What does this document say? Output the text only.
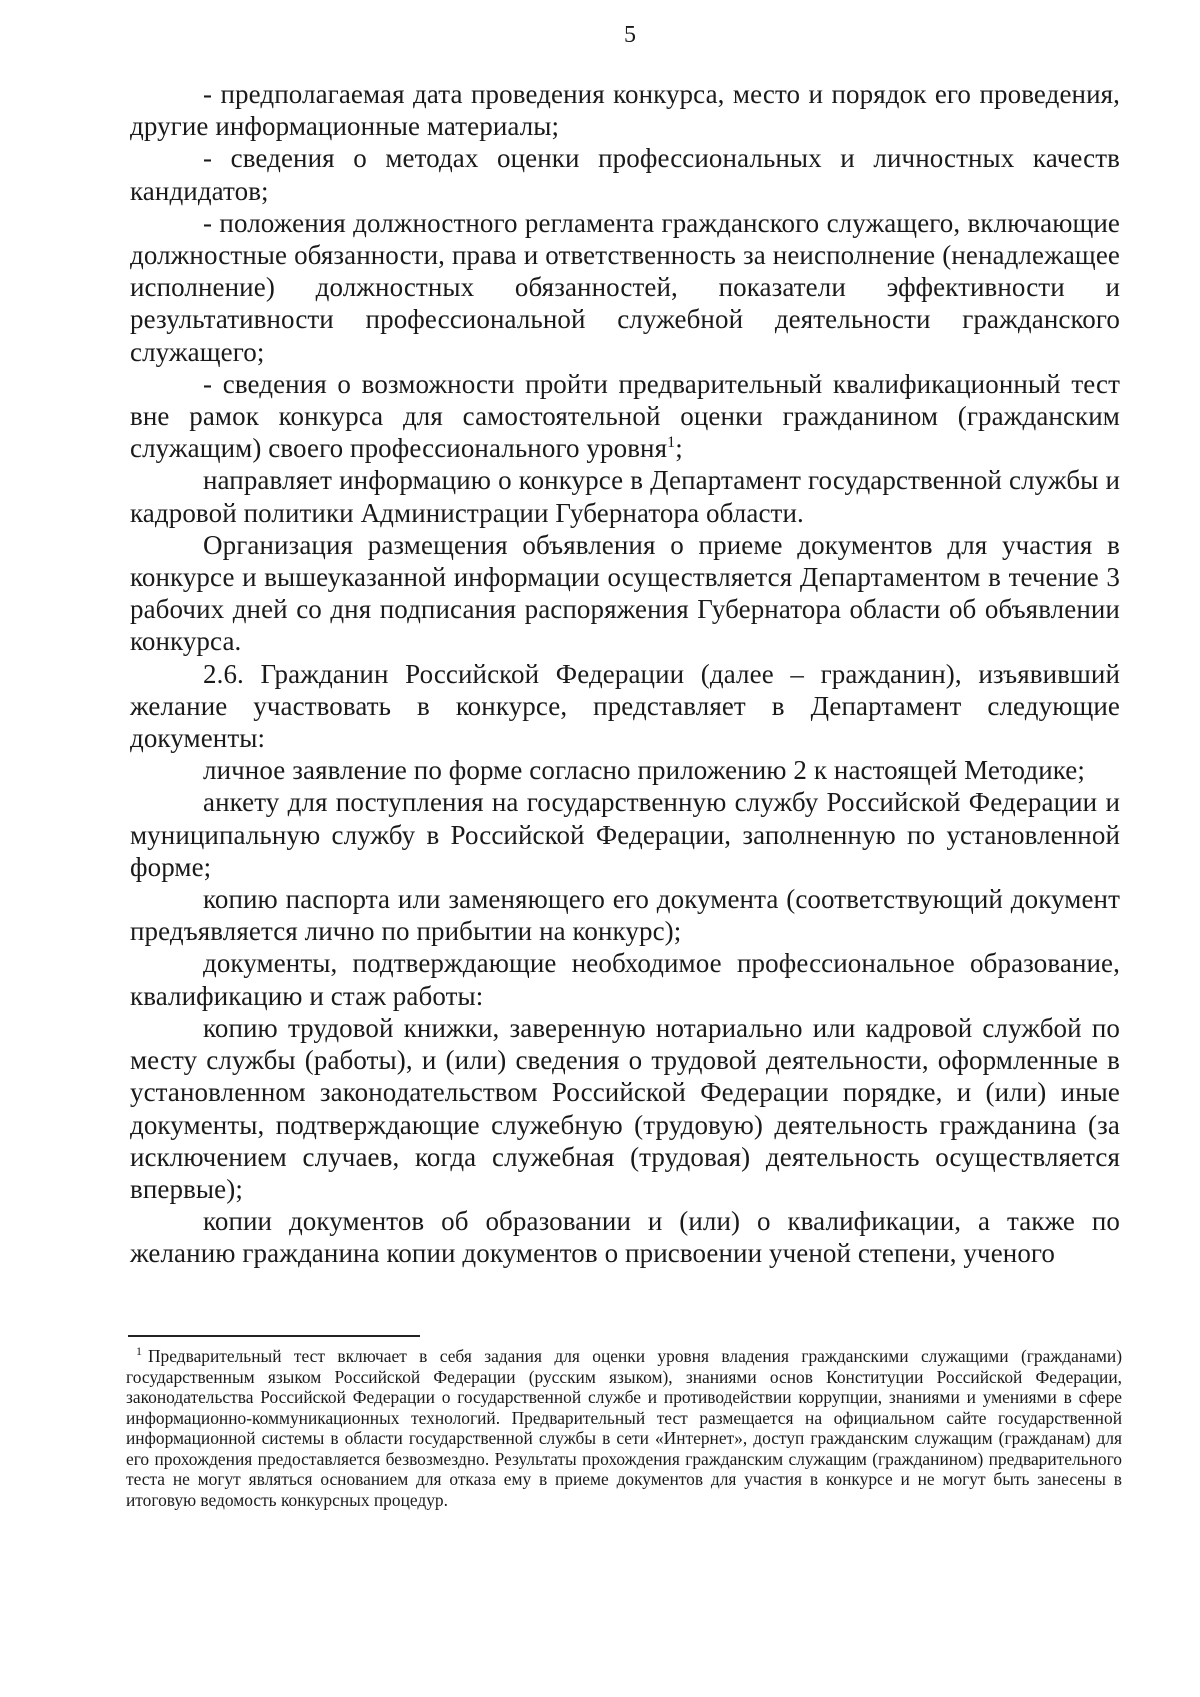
5

- предполагаемая дата проведения конкурса, место и порядок его проведения, другие информационные материалы;

- сведения о методах оценки профессиональных и личностных качеств кандидатов;

- положения должностного регламента гражданского служащего, включающие должностные обязанности, права и ответственность за неисполнение (ненадлежащее исполнение) должностных обязанностей, показатели эффективности и результативности профессиональной служебной деятельности гражданского служащего;

- сведения о возможности пройти предварительный квалификационный тест вне рамок конкурса для самостоятельной оценки гражданином (гражданским служащим) своего профессионального уровня$^1$;

направляет информацию о конкурсе в Департамент государственной службы и кадровой политики Администрации Губернатора области.

Организация размещения объявления о приеме документов для участия в конкурсе и вышеуказанной информации осуществляется Департаментом в течение 3 рабочих дней со дня подписания распоряжения Губернатора области об объявлении конкурса.

2.6. Гражданин Российской Федерации (далее – гражданин), изъявивший желание участвовать в конкурсе, представляет в Департамент следующие документы:

личное заявление по форме согласно приложению 2 к настоящей Методике;

анкету для поступления на государственную службу Российской Федерации и муниципальную службу в Российской Федерации, заполненную по установленной форме;

копию паспорта или заменяющего его документа (соответствующий документ предъявляется лично по прибытии на конкурс);

документы, подтверждающие необходимое профессиональное образование, квалификацию и стаж работы:

копию трудовой книжки, заверенную нотариально или кадровой службой по месту службы (работы), и (или) сведения о трудовой деятельности, оформленные в установленном законодательством Российской Федерации порядке, и (или) иные документы, подтверждающие служебную (трудовую) деятельность гражданина (за исключением случаев, когда служебная (трудовая) деятельность осуществляется впервые);

копии документов об образовании и (или) о квалификации, а также по желанию гражданина копии документов о присвоении ученой степени, ученого

$^1$ Предварительный тест включает в себя задания для оценки уровня владения гражданскими служащими (гражданами) государственным языком Российской Федерации (русским языком), знаниями основ Конституции Российской Федерации, законодательства Российской Федерации о государственной службе и противодействии коррупции, знаниями и умениями в сфере информационно-коммуникационных технологий. Предварительный тест размещается на официальном сайте государственной информационной системы в области государственной службы в сети «Интернет», доступ гражданским служащим (гражданам) для его прохождения предоставляется безвозмездно. Результаты прохождения гражданским служащим (гражданином) предварительного теста не могут являться основанием для отказа ему в приеме документов для участия в конкурсе и не могут быть занесены в итоговую ведомость конкурсных процедур.
